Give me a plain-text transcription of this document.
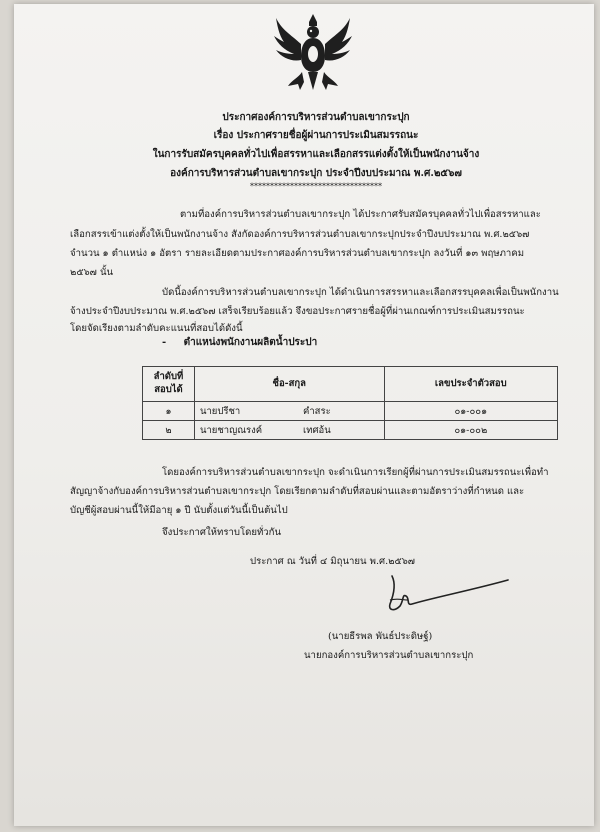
ประกาศองค์การบริหารส่วนตำบลเขากระปุก
เรื่อง ประกาศรายชื่อผู้ผ่านการประเมินสมรรถนะ
ในการรับสมัครบุคคลทั่วไปเพื่อสรรหาและเลือกสรรแต่งตั้งให้เป็นพนักงานจ้าง
องค์การบริหารส่วนตำบลเขากระปุก ประจำปีงบประมาณ พ.ศ.๒๕๖๗
*********************************
ตามที่องค์การบริหารส่วนตำบลเขากระปุก ได้ประกาศรับสมัครบุคคลทั่วไปเพื่อสรรหาและ
เลือกสรรเข้าแต่งตั้งให้เป็นพนักงานจ้าง สังกัดองค์การบริหารส่วนตำบลเขากระปุกประจำปีงบประมาณ พ.ศ.๒๕๖๗
จำนวน ๑ ตำแหน่ง ๑ อัตรา รายละเอียดตามประกาศองค์การบริหารส่วนตำบลเขากระปุก ลงวันที่ ๑๓ พฤษภาคม
๒๕๖๗ นั้น
บัดนี้องค์การบริหารส่วนตำบลเขากระปุก ได้ดำเนินการสรรหาและเลือกสรรบุคคลเพื่อเป็นพนักงาน
จ้างประจำปีงบประมาณ พ.ศ.๒๕๖๗ เสร็จเรียบร้อยแล้ว จึงขอประกาศรายชื่อผู้ที่ผ่านเกณฑ์การประเมินสมรรถนะ
โดยจัดเรียงตามลำดับคะแนนที่สอบได้ดังนี้
- ตำแหน่งพนักงานผลิตน้ำประปา
ลำดับที่
สอบได้	ชื่อ-สกุล	เลขประจำตัวสอบ
๑	นายปรีชา คำสระ	๐๑-๐๐๑
๒	นายชาญณรงค์ เทศอ้น	๐๑-๐๐๒
โดยองค์การบริหารส่วนตำบลเขากระปุก จะดำเนินการเรียกผู้ที่ผ่านการประเมินสมรรถนะเพื่อทำ
สัญญาจ้างกับองค์การบริหารส่วนตำบลเขากระปุก โดยเรียกตามลำดับที่สอบผ่านและตามอัตราว่างที่กำหนด และ
บัญชีผู้สอบผ่านนี้ให้มีอายุ ๑ ปี นับตั้งแต่วันนี้เป็นต้นไป
จึงประกาศให้ทราบโดยทั่วกัน
ประกาศ ณ วันที่ ๔ มิถุนายน พ.ศ.๒๕๖๗
(นายธีรพล พันธ์ประดิษฐ์)
นายกองค์การบริหารส่วนตำบลเขากระปุก
